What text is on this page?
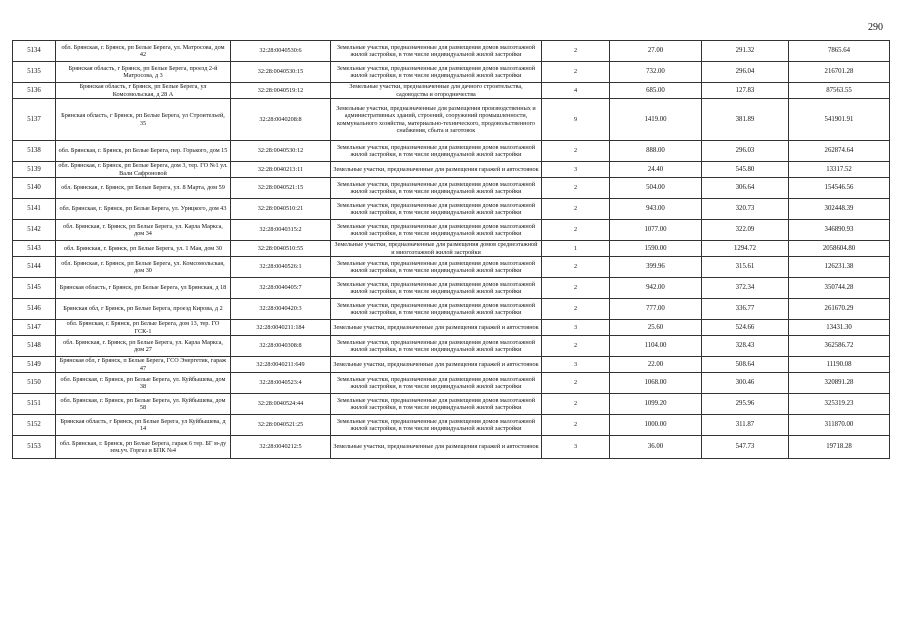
290
5134	обл. Брянская, г. Брянск, рп Белые Берега, ул. Матросова, дом 42	32:28:0040530:6	Земельные участки, предназначенные для размещения домов малоэтажной жилой застройки, в том числе индивидуальной жилой застройки	2	27.00	291.32	7865.64
5135	Брянская область, г Брянск, рп Белые Берега, проезд 2-й Матросова, д 3	32:28:0040530:15	Земельные участки, предназначенные для размещения домов малоэтажной жилой застройки, в том числе индивидуальной жилой застройки	2	732.00	296.04	216701.28
5136	Брянская область, г Брянск, рп Белые Берега, ул Комсомольская, д 28 А	32:28:0040519:12	Земельные участки, предназначенные для дачного строительства, садоводства и огородничества	4	685.00	127.83	87563.55
5137	Брянская область, г Брянск, рп Белые Берега, ул Строительей, 35	32:28:0040208:8	Земельные участки, предназначенные для размещения производственных и административных зданий, строений, сооружений промышленности, коммунального хозяйства, материально-технического, продовольственного снабжения, сбыта и заготовок	9	1419.00	381.89	541901.91
5138	обл. Брянская, г. Брянск, рп Белые Берега, пер. Горького, дом 15	32:28:0040530:12	Земельные участки, предназначенные для размещения домов малоэтажной жилой застройки, в том числе индивидуальной жилой застройки	2	888.00	296.03	262874.64
5139	обл. Брянская, г. Брянск, рп Белые Берега, дом 3, тер. ГО №1 ул. Вали Сафроновой	32:28:0040213:11	Земельные участки, предназначенные для размещения гаражей и автостоянок	3	24.40	545.80	13317.52
5140	обл. Брянская, г. Брянск, рп Белые Берега, ул. 8 Марта, дом 59	32:28:0040521:15	Земельные участки, предназначенные для размещения домов малоэтажной жилой застройки, в том числе индивидуальной жилой застройки	2	504.00	306.64	154546.56
5141	обл. Брянская, г. Брянск, рп Белые Берега, ул. Урицкого, дом 43	32:28:0040510:21	Земельные участки, предназначенные для размещения домов малоэтажной жилой застройки, в том числе индивидуальной жилой застройки	2	943.00	320.73	302448.39
5142	обл. Брянская, г. Брянск, рп Белые Берега, ул. Карла Маркса, дом 34	32:28:0040315:2	Земельные участки, предназначенные для размещения домов малоэтажной жилой застройки, в том числе индивидуальной жилой застройки	2	1077.00	322.09	346890.93
5143	обл. Брянская, г. Брянск, рп Белые Берега, ул. 1 Мая, дом 30	32:28:0040510:55	Земельные участки, предназначенные для размещения домов среднеэтажной и многоэтажной жилой застройки	1	1590.00	1294.72	2058604.80
5144	обл. Брянская, г. Брянск, рп Белые Берега, ул. Комсомольская, дом 30	32:28:0040526:1	Земельные участки, предназначенные для размещения домов малоэтажной жилой застройки, в том числе индивидуальной жилой застройки	2	399.96	315.61	126231.38
5145	Брянская область, г Брянск, рп Белые Берега, ул Брянская, д 18	32:28:0040405:7	Земельные участки, предназначенные для размещения домов малоэтажной жилой застройки, в том числе индивидуальной жилой застройки	2	942.00	372.34	350744.28
5146	Брянская обл, г Брянск, рп Белые Берега, проезд Кирова, д 2	32:28:0040420:3	Земельные участки, предназначенные для размещения домов малоэтажной жилой застройки, в том числе индивидуальной жилой застройки	2	777.00	336.77	261670.29
5147	обл. Брянская, г. Брянск, рп Белые Берега, дом 13, тер. ГО ГСК-1	32:28:0040211:184	Земельные участки, предназначенные для размещения гаражей и автостоянок	3	25.60	524.66	13431.30
5148	обл. Брянская, г. Брянск, рп Белые Берега, ул. Карла Маркса, дом 27	32:28:0040308:8	Земельные участки, предназначенные для размещения домов малоэтажной жилой застройки, в том числе индивидуальной жилой застройки	2	1104.00	328.43	362586.72
5149	Брянская обл, г Брянск, п Белые Берега, ГСО Энергетик, гараж 47	32:28:0040211:649	Земельные участки, предназначенные для размещения гаражей и автостоянок	3	22.00	508.64	11190.08
5150	обл. Брянская, г. Брянск, рп Белые Берега, ул. Куйбышева, дом 38	32:28:0040523:4	Земельные участки, предназначенные для размещения домов малоэтажной жилой застройки, в том числе индивидуальной жилой застройки	2	1068.00	300.46	320891.28
5151	обл. Брянская, г. Брянск, рп Белые Берега, ул. Куйбышева, дом 58	32:28:0040524:44	Земельные участки, предназначенные для размещения домов малоэтажной жилой застройки, в том числе индивидуальной жилой застройки	2	1099.20	295.96	325319.23
5152	Брянская область, г Брянск, рп Белые Берега, ул Куйбышева, д 14	32:28:0040521:25	Земельные участки, предназначенные для размещения домов малоэтажной жилой застройки, в том числе индивидуальной жилой застройки	2	1000.00	311.87	311870.00
5153	обл. Брянская, г. Брянск, рп Белые Берега, гараж 6 тер. БГ м-ду зем.уч. Горгаз и БПК №4	32:28:0040212:5	Земельные участки, предназначенные для размещения гаражей и автостоянок	3	36.00	547.73	19718.28
